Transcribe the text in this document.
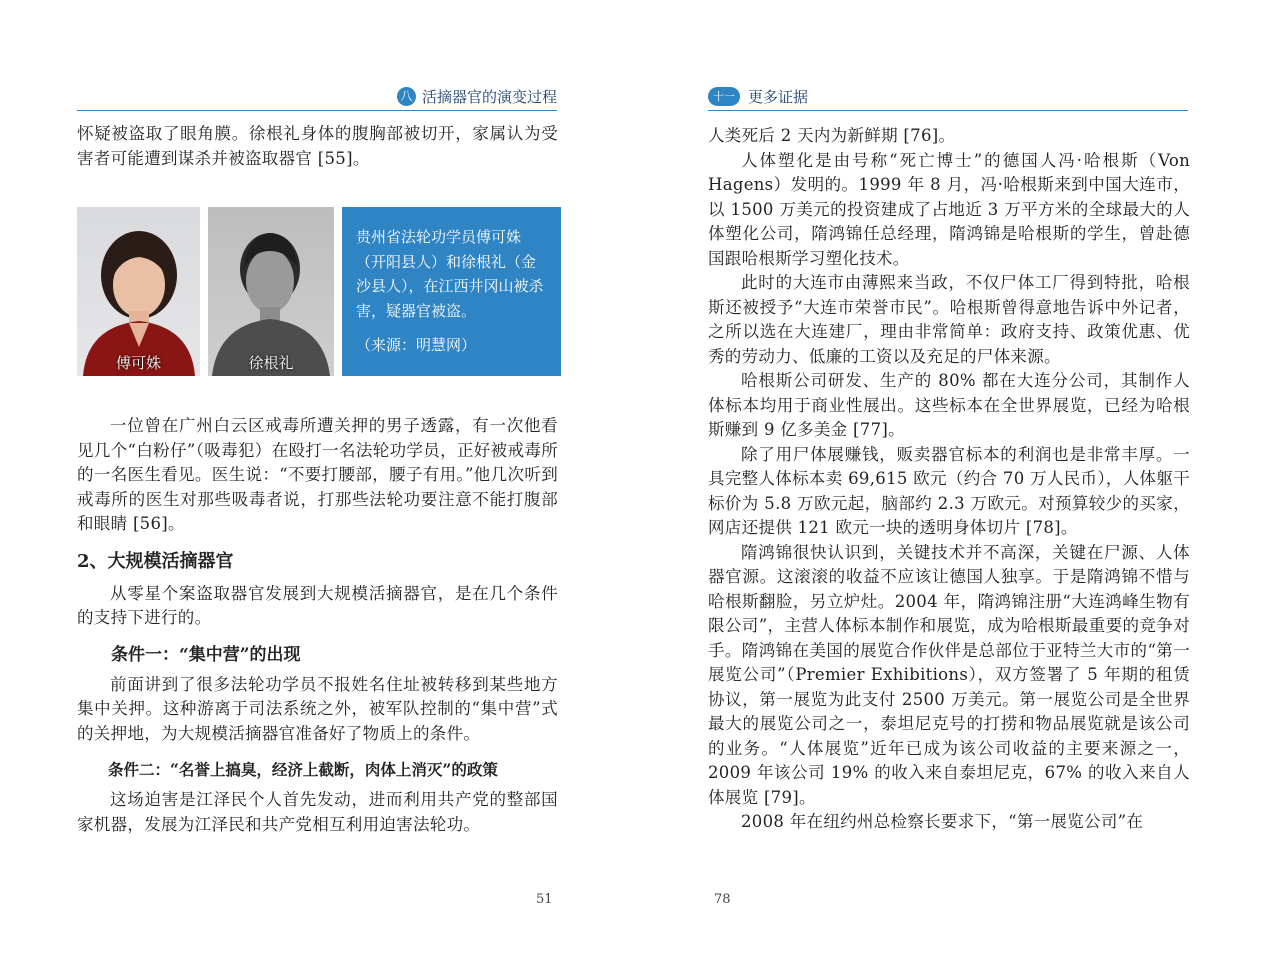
八 活摘器官的演变过程

怀疑被盗取了眼角膜。徐根礼身体的腹胸部被切开，家属认为受害者可能遭到谋杀并被盗取器官 [55]。

傅可姝	徐根礼
贵州省法轮功学员傅可姝（开阳县人）和徐根礼（金沙县人），在江西井冈山被杀害，疑器官被盗。
（来源：明慧网）

一位曾在广州白云区戒毒所遭关押的男子透露，有一次他看见几个“白粉仔”（吸毒犯）在殴打一名法轮功学员，正好被戒毒所的一名医生看见。医生说：“不要打腰部，腰子有用。”他几次听到戒毒所的医生对那些吸毒者说，打那些法轮功要注意不能打腹部和眼睛 [56]。

2、大规模活摘器官

从零星个案盗取器官发展到大规模活摘器官，是在几个条件的支持下进行的。

条件一：“集中营”的出现

前面讲到了很多法轮功学员不报姓名住址被转移到某些地方集中关押。这种游离于司法系统之外，被军队控制的“集中营”式的关押地，为大规模活摘器官准备好了物质上的条件。

条件二：“名誉上搞臭，经济上截断，肉体上消灭”的政策

这场迫害是江泽民个人首先发动，进而利用共产党的整部国家机器，发展为江泽民和共产党相互利用迫害法轮功。

51
十一 更多证据

人类死后 2 天内为新鲜期 [76]。

人体塑化是由号称“死亡博士”的德国人冯·哈根斯（Von Hagens）发明的。1999 年 8 月，冯·哈根斯来到中国大连市，以 1500 万美元的投资建成了占地近 3 万平方米的全球最大的人体塑化公司，隋鸿锦任总经理，隋鸿锦是哈根斯的学生，曾赴德国跟哈根斯学习塑化技术。

此时的大连市由薄熙来当政，不仅尸体工厂得到特批，哈根斯还被授予“大连市荣誉市民”。哈根斯曾得意地告诉中外记者，之所以选在大连建厂，理由非常简单：政府支持、政策优惠、优秀的劳动力、低廉的工资以及充足的尸体来源。

哈根斯公司研发、生产的 80% 都在大连分公司，其制作人体标本均用于商业性展出。这些标本在全世界展览，已经为哈根斯赚到 9 亿多美金 [77]。

除了用尸体展赚钱，贩卖器官标本的利润也是非常丰厚。一具完整人体标本卖 69,615 欧元（约合 70 万人民币），人体躯干标价为 5.8 万欧元起，脑部约 2.3 万欧元。对预算较少的买家，网店还提供 121 欧元一块的透明身体切片 [78]。

隋鸿锦很快认识到，关键技术并不高深，关键在尸源、人体器官源。这滚滚的收益不应该让德国人独享。于是隋鸿锦不惜与哈根斯翻脸，另立炉灶。2004 年，隋鸿锦注册“大连鸿峰生物有限公司”，主营人体标本制作和展览，成为哈根斯最重要的竞争对手。隋鸿锦在美国的展览合作伙伴是总部位于亚特兰大市的“第一展览公司”（Premier Exhibitions），双方签署了 5 年期的租赁协议，第一展览为此支付 2500 万美元。第一展览公司是全世界最大的展览公司之一，泰坦尼克号的打捞和物品展览就是该公司的业务。“人体展览”近年已成为该公司收益的主要来源之一，2009 年该公司 19% 的收入来自泰坦尼克，67% 的收入来自人体展览 [79]。

2008 年在纽约州总检察长要求下，“第一展览公司”在

78
